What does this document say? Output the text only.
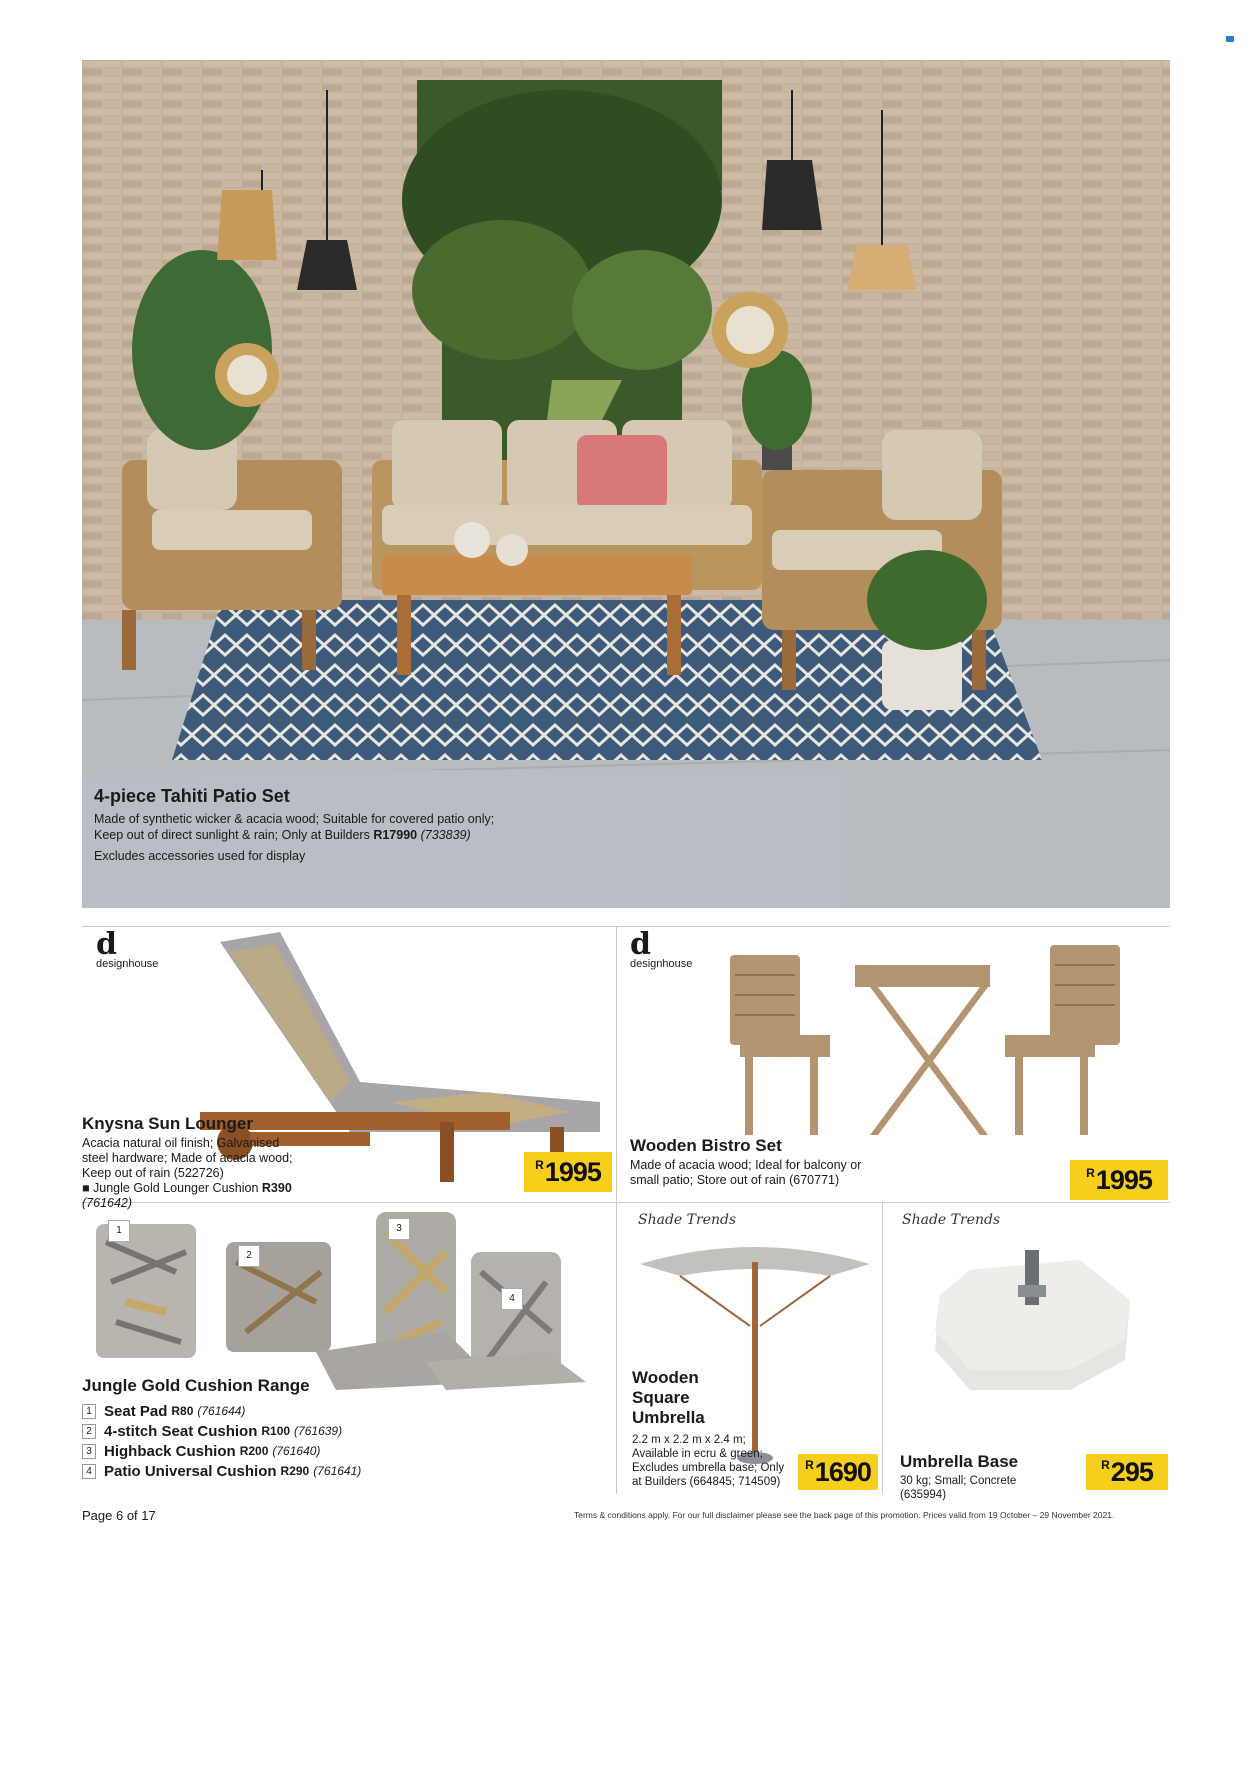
4-piece Tahiti Patio Set
Made of synthetic wicker & acacia wood; Suitable for covered patio only;
Keep out of direct sunlight & rain; Only at Builders R17990 (733839)
Excludes accessories used for display
d
designhouse
Knysna Sun Lounger
Acacia natural oil finish; Galvanised
steel hardware; Made of acacia wood;
Keep out of rain (522726)
■ Jungle Gold Lounger Cushion R390
(761642)
R 1995
d
designhouse
Wooden Bistro Set
Made of acacia wood; Ideal for balcony or
small patio; Store out of rain (670771)	R 1995
1
2
3
4
Jungle Gold Cushion Range
1 Seat Pad R80 (761644)
2 4-stitch Seat Cushion R100 (761639)
3 Highback Cushion R200 (761640)
4 Patio Universal Cushion R290 (761641)
Shade Trends
Wooden
Square
Umbrella
2.2 m x 2.2 m x 2.4 m;
Available in ecru & green;
Excludes umbrella base; Only
at Builders (664845; 714509)
R 1690
Shade Trends
Umbrella Base
30 kg; Small; Concrete
(635994)
R 295
Page 6 of 17	Terms & conditions apply. For our full disclaimer please see the back page of this promotion. Prices valid from 19 October – 29 November 2021.
